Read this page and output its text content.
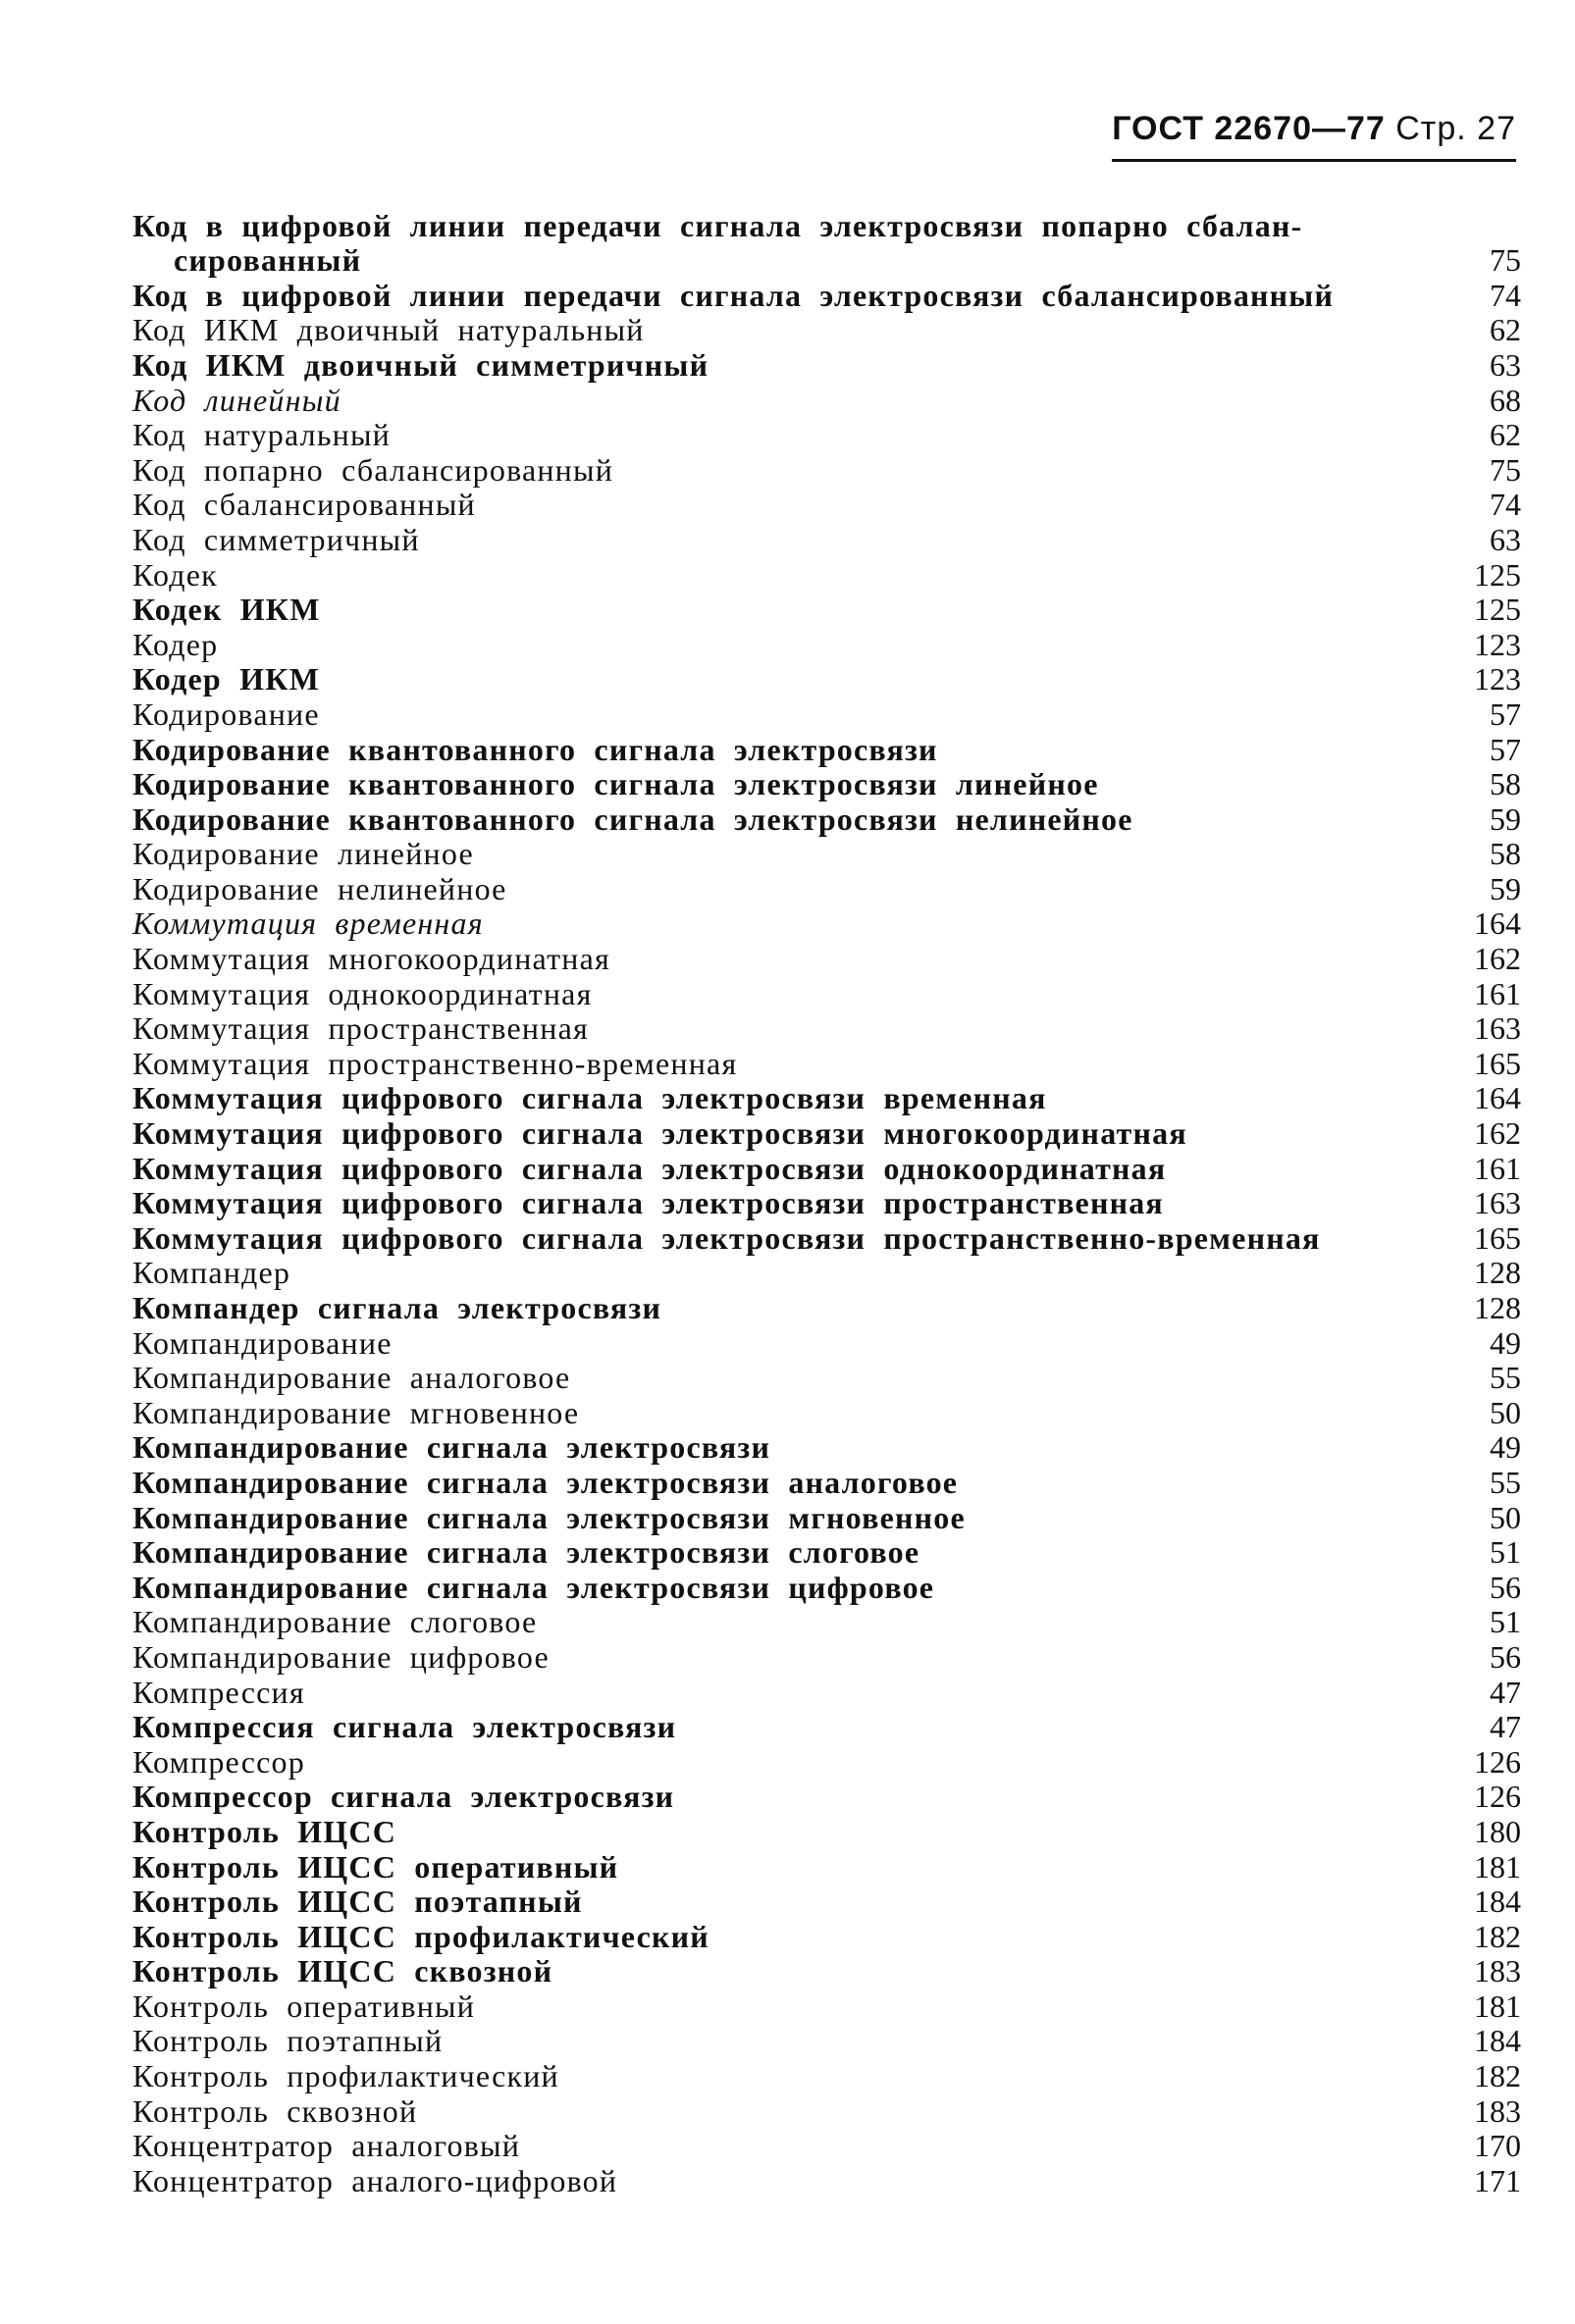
ГОСТ 22670—77 Стр. 27
Код в цифровой линии передачи сигнала электросвязи попарно сбалан-
сированный	75
Код в цифровой линии передачи сигнала электросвязи сбалансированный	74
Код ИКМ двоичный натуральный	62
Код ИКМ двоичный симметричный	63
Код линейный	68
Код натуральный	62
Код попарно сбалансированный	75
Код сбалансированный	74
Код симметричный	63
Кодек	125
Кодек ИКМ	125
Кодер	123
Кодер ИКМ	123
Кодирование	57
Кодирование квантованного сигнала электросвязи	57
Кодирование квантованного сигнала электросвязи линейное	58
Кодирование квантованного сигнала электросвязи нелинейное	59
Кодирование линейное	58
Кодирование нелинейное	59
Коммутация временная	164
Коммутация многокоординатная	162
Коммутация однокоординатная	161
Коммутация пространственная	163
Коммутация пространственно-временная	165
Коммутация цифрового сигнала электросвязи временная	164
Коммутация цифрового сигнала электросвязи многокоординатная	162
Коммутация цифрового сигнала электросвязи однокоординатная	161
Коммутация цифрового сигнала электросвязи пространственная	163
Коммутация цифрового сигнала электросвязи пространственно-временная	165
Компандер	128
Компандер сигнала электросвязи	128
Компандирование	49
Компандирование аналоговое	55
Компандирование мгновенное	50
Компандирование сигнала электросвязи	49
Компандирование сигнала электросвязи аналоговое	55
Компандирование сигнала электросвязи мгновенное	50
Компандирование сигнала электросвязи слоговое	51
Компандирование сигнала электросвязи цифровое	56
Компандирование слоговое	51
Компандирование цифровое	56
Компрессия	47
Компрессия сигнала электросвязи	47
Компрессор	126
Компрессор сигнала электросвязи	126
Контроль ИЦСС	180
Контроль ИЦСС оперативный	181
Контроль ИЦСС поэтапный	184
Контроль ИЦСС профилактический	182
Контроль ИЦСС сквозной	183
Контроль оперативный	181
Контроль поэтапный	184
Контроль профилактический	182
Контроль сквозной	183
Концентратор аналоговый	170
Концентратор аналого-цифровой	171
